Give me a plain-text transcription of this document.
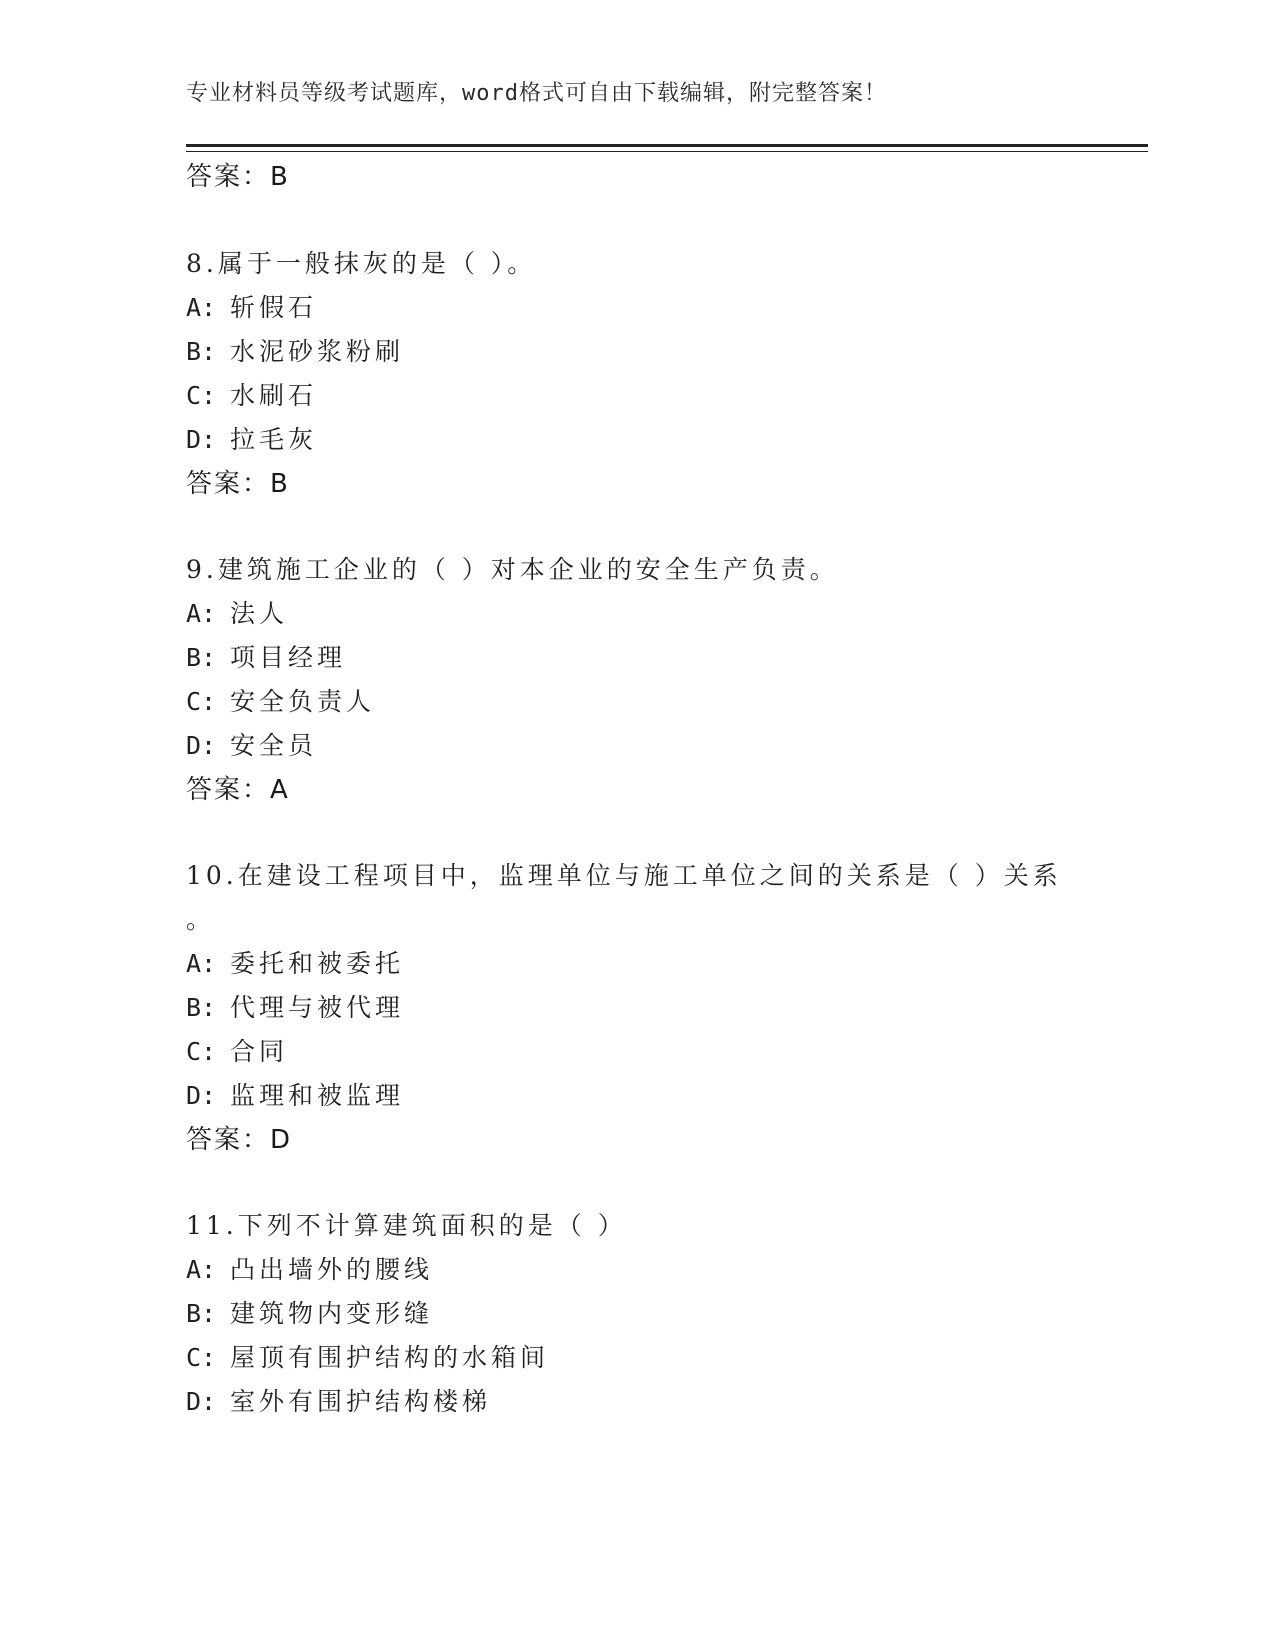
专业材料员等级考试题库，word格式可自由下载编辑，附完整答案！
答案：B
8.属于一般抹灰的是（ ）。
A: 斩假石
B: 水泥砂浆粉刷
C: 水刷石
D: 拉毛灰
答案：B
9.建筑施工企业的（ ）对本企业的安全生产负责。
A: 法人
B: 项目经理
C: 安全负责人
D: 安全员
答案：A
10.在建设工程项目中，监理单位与施工单位之间的关系是（ ）关系
。
A: 委托和被委托
B: 代理与被代理
C: 合同
D: 监理和被监理
答案：D
11.下列不计算建筑面积的是（ ）
A: 凸出墙外的腰线
B: 建筑物内变形缝
C: 屋顶有围护结构的水箱间
D: 室外有围护结构楼梯
